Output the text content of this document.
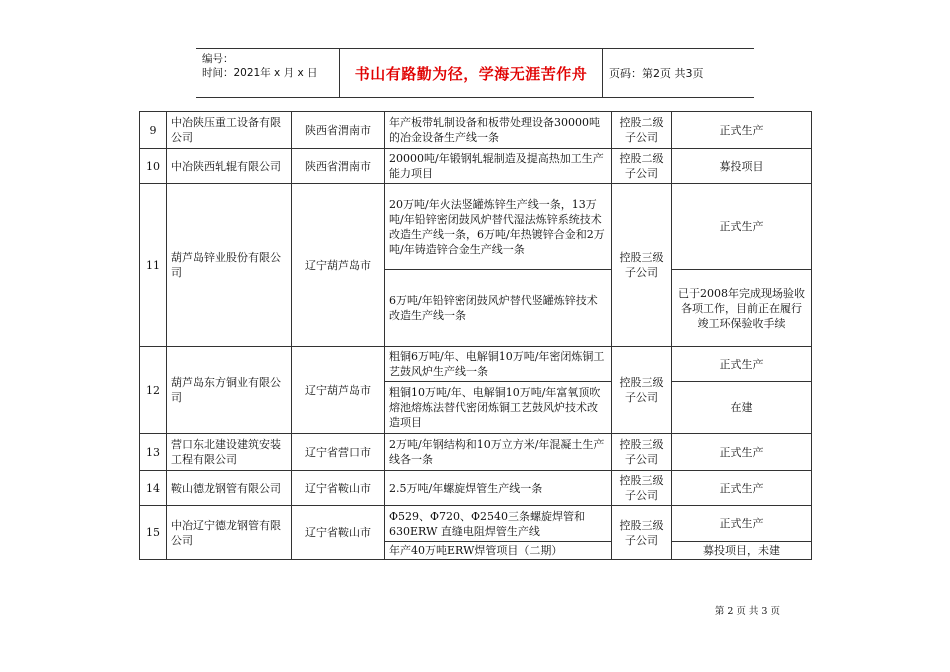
编号：
时间：2021年 x 月 x 日	书山有路勤为径，学海无涯苦作舟	页码：第2页 共3页
9	中冶陕压重工设备有限公司	陕西省渭南市	年产板带轧制设备和板带处理设备30000吨的冶金设备生产线一条	控股二级子公司	正式生产
10	中冶陕西轧辊有限公司	陕西省渭南市	20000吨/年锻钢轧辊制造及提高热加工生产能力项目	控股二级子公司	募投项目
11	葫芦岛锌业股份有限公司	辽宁葫芦岛市	20万吨/年火法竖罐炼锌生产线一条，13万吨/年铅锌密闭鼓风炉替代湿法炼锌系统技术改造生产线一条，6万吨/年热镀锌合金和2万吨/年铸造锌合金生产线一条	控股三级子公司	正式生产
			6万吨/年铅锌密闭鼓风炉替代竖罐炼锌技术改造生产线一条		已于2008年完成现场验收各项工作，目前正在履行竣工环保验收手续
12	葫芦岛东方铜业有限公司	辽宁葫芦岛市	粗铜6万吨/年、电解铜10万吨/年密闭炼铜工艺鼓风炉生产线一条	控股三级子公司	正式生产
			粗铜10万吨/年、电解铜10万吨/年富氧顶吹熔池熔炼法替代密闭炼铜工艺鼓风炉技术改造项目		在建
13	营口东北建设建筑安装工程有限公司	辽宁省营口市	2万吨/年钢结构和10万立方米/年混凝土生产线各一条	控股三级子公司	正式生产
14	鞍山德龙钢管有限公司	辽宁省鞍山市	2.5万吨/年螺旋焊管生产线一条	控股三级子公司	正式生产
15	中冶辽宁德龙钢管有限公司	辽宁省鞍山市	Φ529、Φ720、Φ2540三条螺旋焊管和630ERW 直缝电阻焊管生产线	控股三级子公司	正式生产
			年产40万吨ERW焊管项目（二期）		募投项目，未建
第 2 页 共 3 页
